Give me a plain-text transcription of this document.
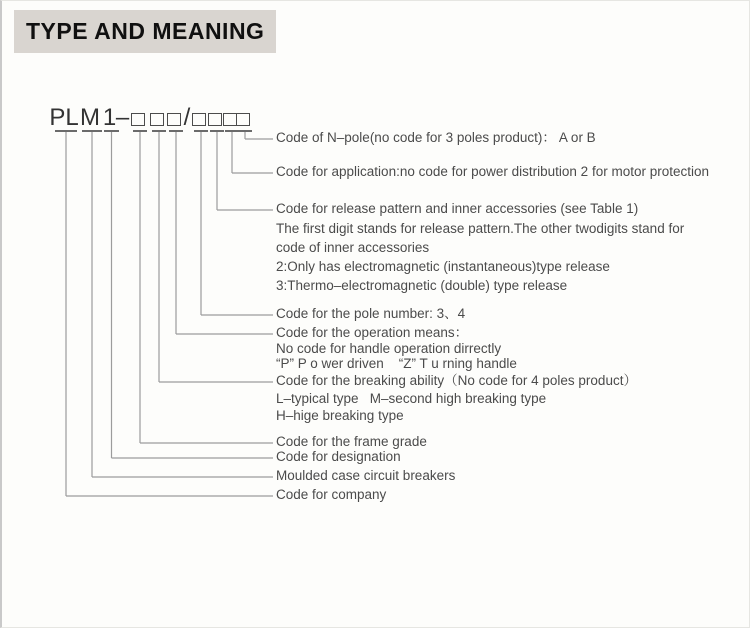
TYPE AND MEANING
PL M 1 – /
Code of N–pole(no code for 3 poles product)： A or B
Code for application:no code for power distribution 2 for motor protection
Code for release pattern and inner accessories (see Table 1)
The first digit stands for release pattern.The other twodigits stand for
code of inner accessories
2:Only has electromagnetic (instantaneous)type release
3:Thermo–electromagnetic (double) type release
Code for the pole number: 3、4
Code for the operation means：
No code for handle operation dirrectly
“P” P o wer driven    “Z” T u rning handle
Code for the breaking ability（No code for 4 poles product）
L–typical type   M–second high breaking type
H–hige breaking type
Code for the frame grade
Code for designation
Moulded case circuit breakers
Code for company
